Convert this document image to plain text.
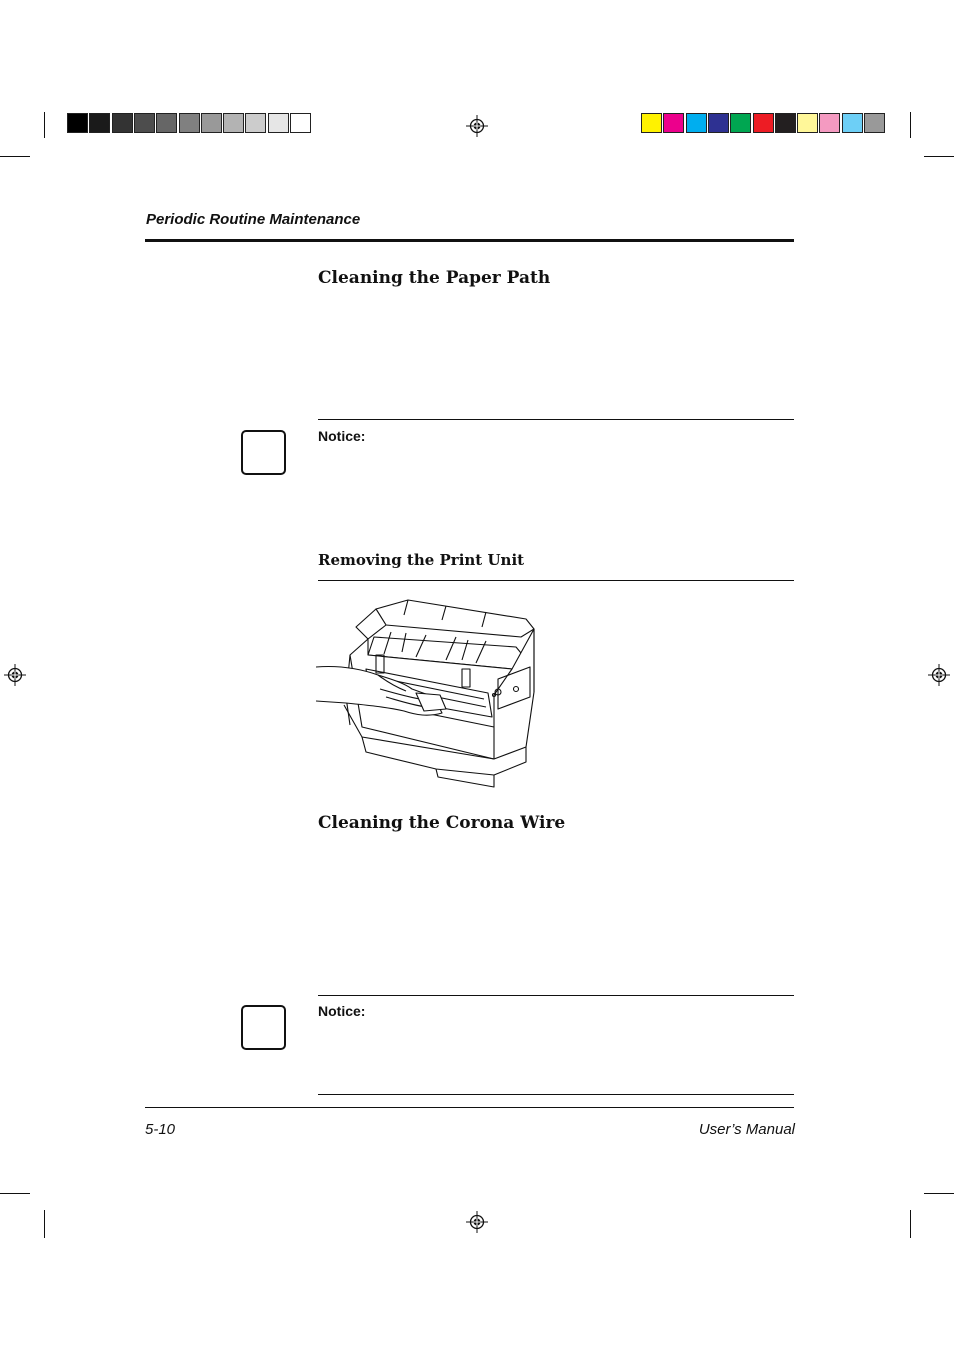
Periodic Routine Maintenance
Cleaning the Paper Path
Notice:
Removing the Print Unit
Cleaning the Corona Wire
Notice:
5-10	User’s Manual
